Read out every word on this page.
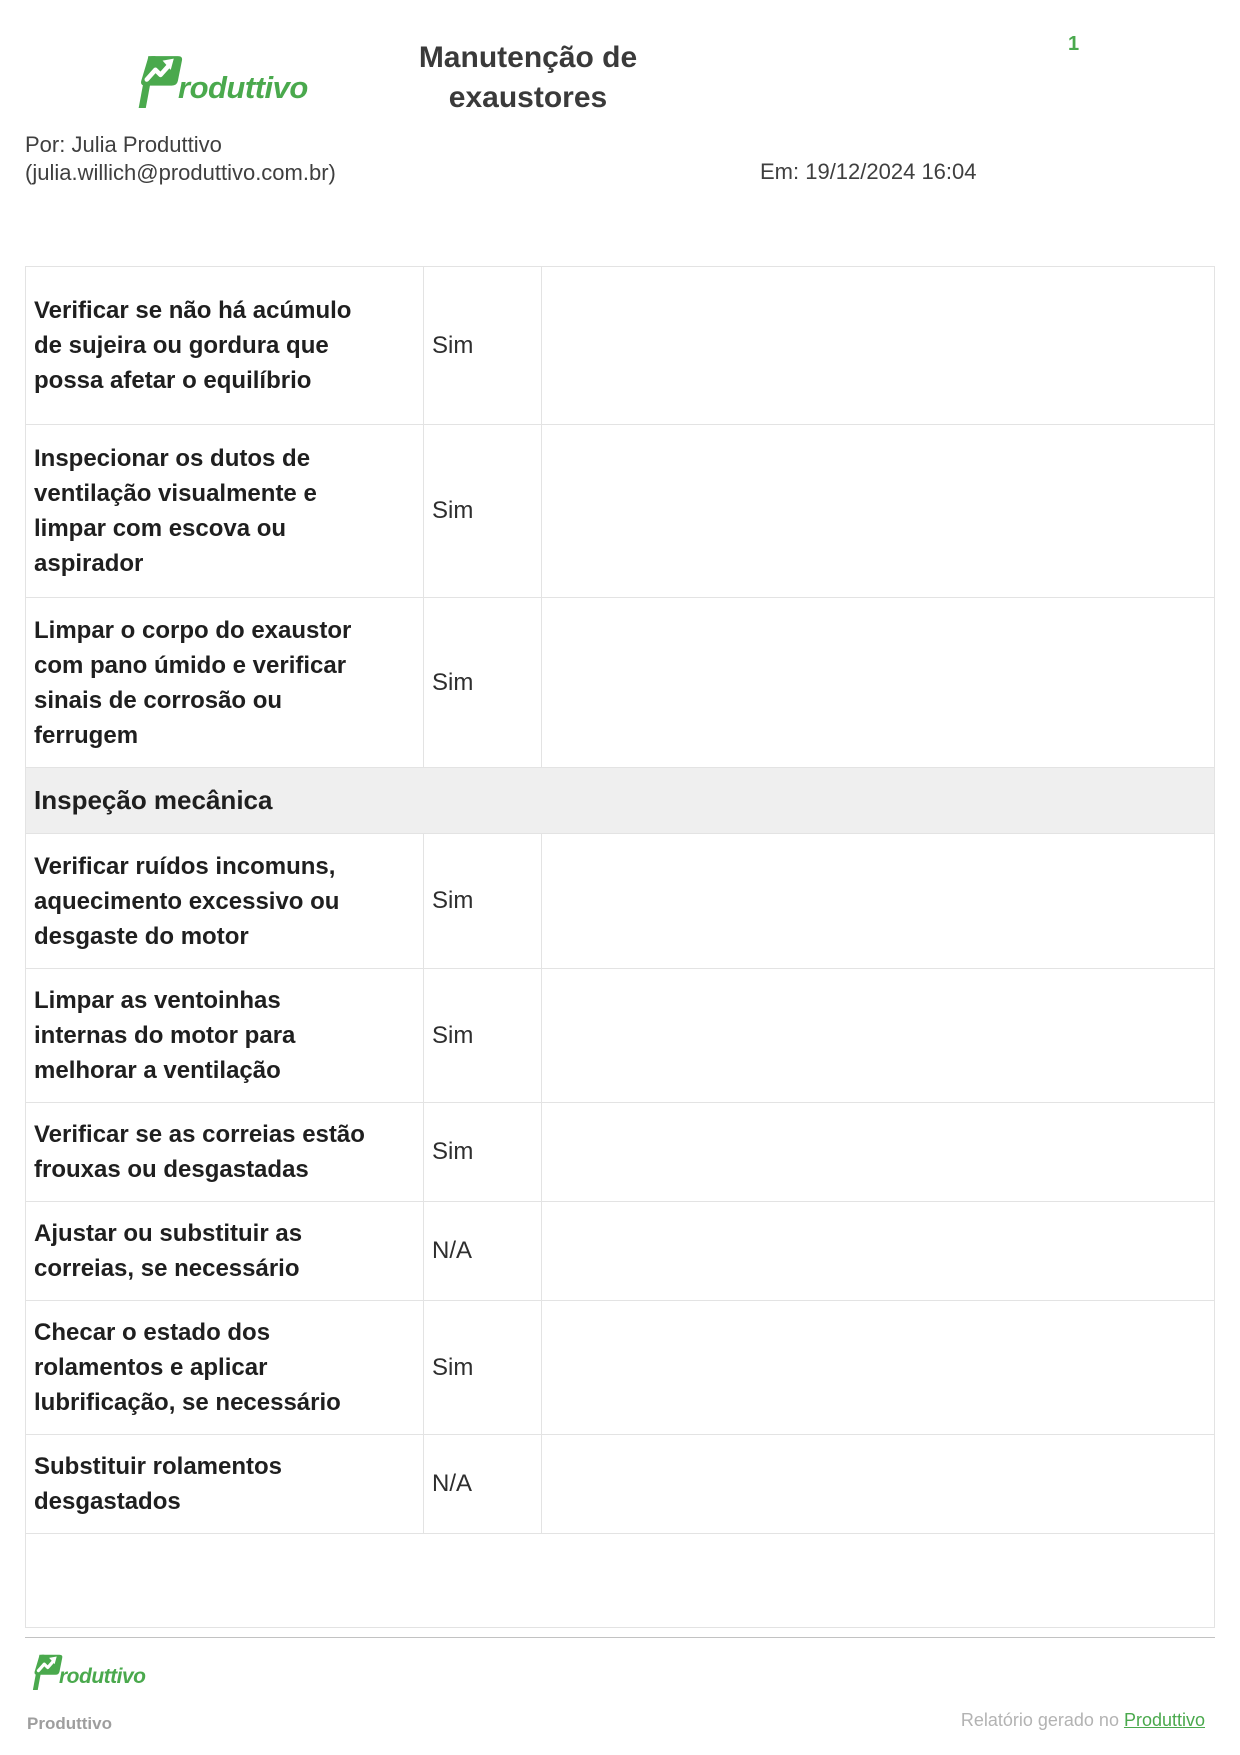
roduttivo
Manutenção de exaustores
1
Por: Julia Produttivo
(julia.willich@produttivo.com.br)	Em: 19/12/2024 16:04
Verificar se não há acúmulo de sujeira ou gordura que possa afetar o equilíbrio
Sim
Inspecionar os dutos de ventilação visualmente e limpar com escova ou aspirador
Sim
Limpar o corpo do exaustor com pano úmido e verificar sinais de corrosão ou ferrugem
Sim
Inspeção mecânica
Verificar ruídos incomuns, aquecimento excessivo ou desgaste do motor
Sim
Limpar as ventoinhas internas do motor para melhorar a ventilação
Sim
Verificar se as correias estão frouxas ou desgastadas
Sim
Ajustar ou substituir as correias, se necessário
N/A
Checar o estado dos rolamentos e aplicar lubrificação, se necessário
Sim
Substituir rolamentos desgastados
N/A
roduttivo
Produttivo	Relatório gerado no Produttivo
